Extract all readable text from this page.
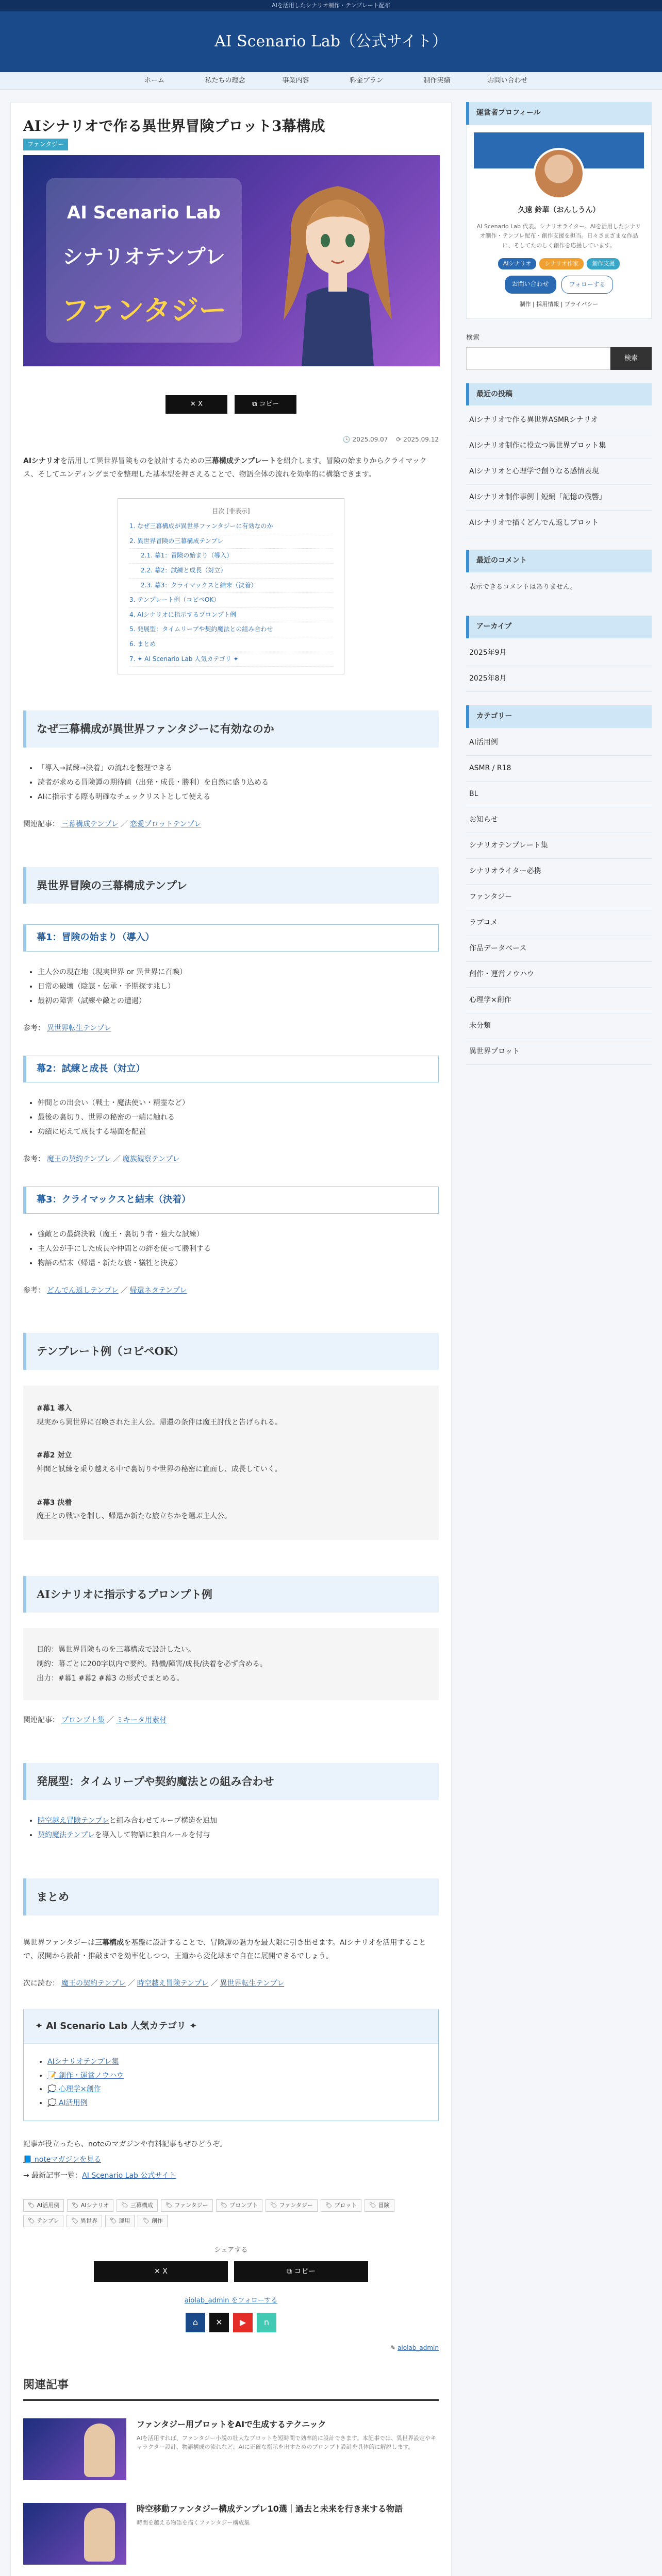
AIを活用したシナリオ制作・テンプレート配布
AI Scenario Lab（公式サイト）
ホーム	私たちの理念	事業内容	料金プラン	制作実績	お問い合わせ
AIシナリオで作る異世界冒険プロット3幕構成
ファンタジー
AI Scenario Lab
シナリオテンプレ
ファンタジー
✕ X	⧉ コピー
🕓 2025.09.07 ⟳ 2025.09.12

AIシナリオを活用して異世界冒険ものを設計するための三幕構成テンプレートを紹介します。冒険の始まりからクライマックス、そしてエンディングまでを整理した基本型を押さえることで、物語全体の流れを効率的に構築できます。

目次 [非表示]
1. なぜ三幕構成が異世界ファンタジーに有効なのか
2. 異世界冒険の三幕構成テンプレ
2.1. 幕1：冒険の始まり（導入）
2.2. 幕2：試練と成長（対立）
2.3. 幕3：クライマックスと結末（決着）
3. テンプレート例（コピペOK）
4. AIシナリオに指示するプロンプト例
5. 発展型：タイムリープや契約魔法との組み合わせ
6. まとめ
7. ✦ AI Scenario Lab 人気カテゴリ ✦
なぜ三幕構成が異世界ファンタジーに有効なのか
• 「導入→試練→決着」の流れを整理できる
• 読者が求める冒険譚の期待値（出発・成長・勝利）を自然に盛り込める
• AIに指示する際も明確なチェックリストとして使える

関連記事： 三幕構成テンプレ ／ 恋愛プロットテンプレ

異世界冒険の三幕構成テンプレ
幕1：冒険の始まり（導入）
• 主人公の現在地（現実世界 or 異世界に召喚）
• 日常の破壊（陰謀・伝承・予期探す兆し）
• 最初の障害（試練や敵との遭遇）

参考： 異世界転生テンプレ

幕2：試練と成長（対立）
• 仲間との出会い（戦士・魔法使い・精霊など）
• 最後の裏切り、世界の秘密の一端に触れる
• 功績に応えて成長する場面を配置

参考： 魔王の契約テンプレ ／ 魔族観察テンプレ

幕3：クライマックスと結末（決着）
• 強敵との最終決戦（魔王・裏切り者・強大な試練）
• 主人公が手にした成長や仲間との絆を使って勝利する
• 物語の結末（帰還・新たな旅・犠牲と決意）

参考： どんでん返しテンプレ ／ 帰還ネタテンプレ

テンプレート例（コピペOK）
#幕1 導入
現実から異世界に召喚された主人公。帰還の条件は魔王討伐と告げられる。
#幕2 対立
仲間と試練を乗り越える中で裏切りや世界の秘密に直面し、成長していく。
#幕3 決着
魔王との戦いを制し、帰還か新たな旅立ちかを選ぶ主人公。
AIシナリオに指示するプロンプト例
目的：異世界冒険ものを三幕構成で設計したい。
制約：幕ごとに200字以内で要約。勧機/障害/成長/決着を必ず含める。
出力：#幕1 #幕2 #幕3 の形式でまとめる。

関連記事： プロンプト集 ／ ミキータ用素材

発展型：タイムリープや契約魔法との組み合わせ
• 時空越え冒険テンプレと組み合わせてループ構造を追加
• 契約魔法テンプレを導入して物語に独自ルールを付与
まとめ

異世界ファンタジーは三幕構成を基盤に設計することで、冒険譚の魅力を最大限に引き出せます。AIシナリオを活用することで、展開から設計・推敲までを効率化しつつ、王道から変化球まで自在に展開できるでしょう。

次に読む： 魔王の契約テンプレ ／ 時空越え冒険テンプレ ／ 異世界転生テンプレ

✦ AI Scenario Lab 人気カテゴリ ✦
• AIシナリオテンプレ集
• 📝 創作・運営ノウハウ
• 💭 心理学×創作
• 💭 AI活用例
記事が役立ったら、noteのマガジンや有料記事もぜひどうぞ。
📘 noteマガジンを見る
→ 最新記事一覧：AI Scenario Lab 公式サイト
🏷 AI活用例	🏷 AIシナリオ	🏷 三幕構成	🏷 ファンタジー	🏷 プロンプト	🏷 ファンタジー	🏷 プロット	🏷 冒険
🏷 テンプレ	🏷 異世界	🏷 運用	🏷 創作
シェアする
✕ X	⧉ コピー
aiolab_admin をフォローする
⌂	✕	▶	n
✎ aiolab_admin
関連記事
ファンタジー用プロットをAIで生成するテクニック
AIを活用すれば、ファンタジー小説の壮大なプロットを短時間で効率的に設計できます。本記事では、異世界設定やキャラクター設計、物語構成の流れなど、AIに正確な指示を出すためのプロンプト設計を具体的に解説します。
時空移動ファンタジー構成テンプレ10選｜過去と未来を行き来する物語
時間を越える物語を描くファンタジー構成集
運営者プロフィール
久遠 鈴華（おんしうん）
AI Scenario Lab 代表。シナリオライター。AIを活用したシナリオ制作・テンプレ配布・創作支援を担当。日々さまざまな作品に、そしてたのしく創作を応援しています。
AIシナリオ	シナリオ作家	創作支援
お問い合わせ	フォローする
制作 | 採用情報 | プライバシー
検索
検索
最近の投稿
AIシナリオで作る異世界ASMRシナリオ
AIシナリオ制作に役立つ異世界プロット集
AIシナリオと心理学で創りなる感情表現
AIシナリオ制作事例｜短編「記憶の残響」
AIシナリオで描くどんでん返しプロット
最近のコメント
表示できるコメントはありません。
アーカイブ
2025年9月
2025年8月
カテゴリー
AI活用例
ASMR / R18
BL
お知らせ
シナリオテンプレート集
シナリオライター必携
ファンタジー
ラブコメ
作品データベース
創作・運営ノウハウ
心理学×創作
未分類
異世界プロット
